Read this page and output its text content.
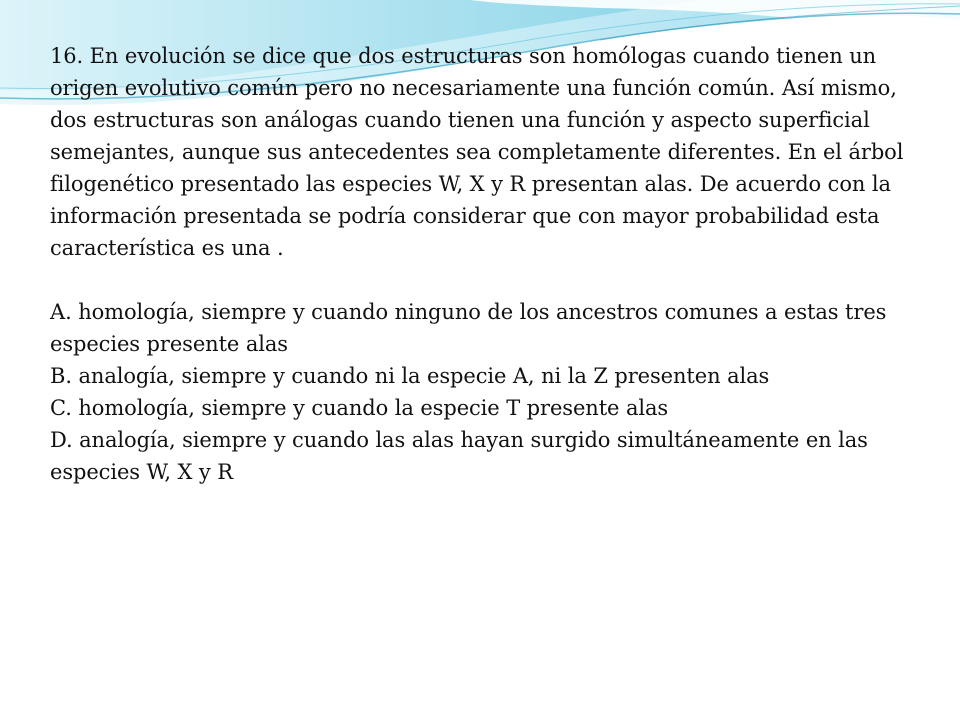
16. En evolución se dice que dos estructuras son homólogas cuando tienen un origen evolutivo común pero no necesariamente una función común. Así mismo, dos estructuras son análogas cuando tienen una función y aspecto superficial semejantes, aunque sus antecedentes sea completamente diferentes. En el árbol filogenético presentado las especies W, X y R presentan alas. De acuerdo con la información presentada se podría considerar que con mayor probabilidad esta característica es una .

A. homología, siempre y cuando ninguno de los ancestros comunes a estas tres especies presente alas

B. analogía, siempre y cuando ni la especie A, ni la Z presenten alas

C. homología, siempre y cuando la especie T presente alas

D. analogía, siempre y cuando las alas hayan surgido simultáneamente en las especies W, X y R
